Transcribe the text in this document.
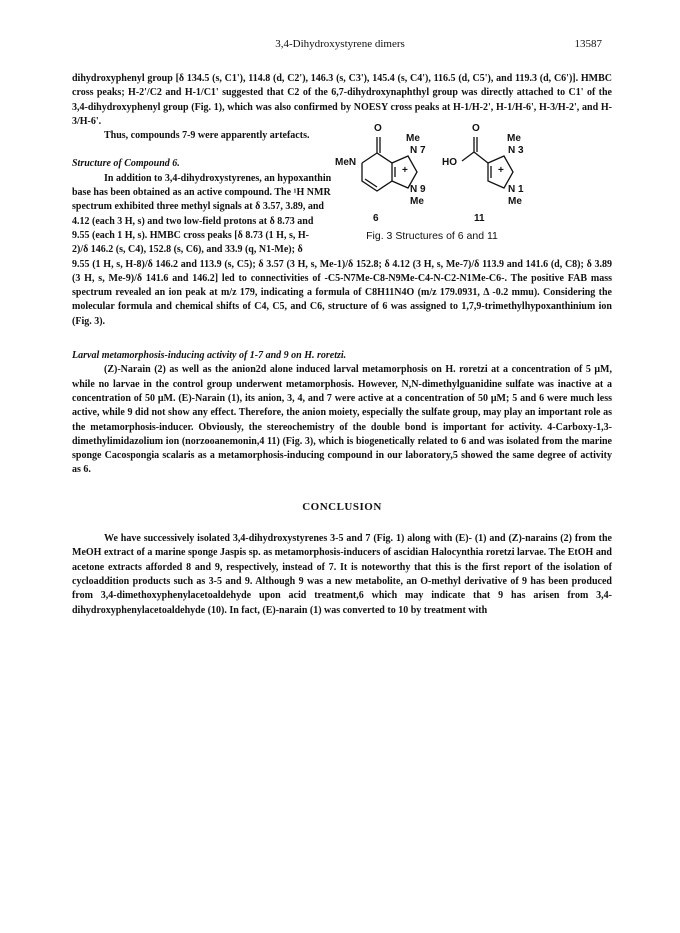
3,4-Dihydroxystyrene dimers	13587

dihydroxyphenyl group [δ 134.5 (s, C1'), 114.8 (d, C2'), 146.3 (s, C3'), 145.4 (s, C4'), 116.5 (d, C5'), and 119.3 (d, C6')]. HMBC cross peaks; H-2'/C2 and H-1/C1' suggested that C2 of the 6,7-dihydroxynaphthyl group was directly attached to C1' of the 3,4-dihydroxyphenyl group (Fig. 1), which was also confirmed by NOESY cross peaks at H-1/H-2', H-1/H-6', H-3/H-2', and H-3/H-6'.

Thus, compounds 7-9 were apparently artefacts.

Structure of Compound 6.

In addition to 3,4-dihydroxystyrenes, an hypoxanthin

base has been obtained as an active compound. The ¹H NMR

spectrum exhibited three methyl signals at δ 3.57, 3.89, and

4.12 (each 3 H, s) and two low-field protons at δ 8.73 and

9.55 (each 1 H, s). HMBC cross peaks [δ 8.73 (1 H, s, H-

2)/δ 146.2 (s, C4), 152.8 (s, C6), and 33.9 (q, N1-Me); δ

9.55 (1 H, s, H-8)/δ 146.2 and 113.9 (s, C5); δ 3.57 (3 H, s, Me-1)/δ 152.8; δ 4.12 (3 H, s, Me-7)/δ 113.9 and 141.6 (d, C8); δ 3.89 (3 H, s, Me-9)/δ 141.6 and 146.2] led to connectivities of -C5-N7Me-C8-N9Me-C4-N-C2-N1Me-C6-. The positive FAB mass spectrum revealed an ion peak at m/z 179, indicating a formula of C8H11N4O (m/z 179.0931, Δ -0.2 mmu). Considering the molecular formula and chemical shifts of C4, C5, and C6, structure of 6 was assigned to 1,7,9-trimethylhypoxanthinium ion (Fig. 3).

Larval metamorphosis-inducing activity of 1-7 and 9 on H. roretzi.

(Z)-Narain (2) as well as the anion2d alone induced larval metamorphosis on H. roretzi at a concentration of 5 μM, while no larvae in the control group underwent metamorphosis. However, N,N-dimethylguanidine sulfate was inactive at a concentration of 50 μM. (E)-Narain (1), its anion, 3, 4, and 7 were active at a concentration of 50 μM; 5 and 6 were much less active, while 9 did not show any effect. Therefore, the anion moiety, especially the sulfate group, may play an important role as the metamorphosis-inducer. Obviously, the stereochemistry of the double bond is important for activity. 4-Carboxy-1,3-dimethylimidazolium ion (norzooanemonin,4 11) (Fig. 3), which is biogenetically related to 6 and was isolated from the marine sponge Cacospongia scalaris as a metamorphosis-inducing compound in our laboratory,5 showed the same degree of activity as 6.

CONCLUSION

We have successively isolated 3,4-dihydroxystyrenes 3-5 and 7 (Fig. 1) along with (E)- (1) and (Z)-narains (2) from the MeOH extract of a marine sponge Jaspis sp. as metamorphosis-inducers of ascidian Halocynthia roretzi larvae. The EtOH and acetone extracts afforded 8 and 9, respectively, instead of 7. It is noteworthy that this is the first report of the isolation of cycloaddition products such as 3-5 and 9. Although 9 was a new metabolite, an O-methyl derivative of 9 has been produced from 3,4-dimethoxyphenylacetoaldehyde upon acid treatment,6 which may indicate that 9 has arisen from 3,4-dihydroxyphenylacetoaldehyde (10). In fact, (E)-narain (1) was converted to 10 by treatment with

O
Me
N 7
MeN
+
N 9
Me
6
O
HO
Me
N 3
+
N 1
Me
11
Fig. 3 Structures of 6 and 11
